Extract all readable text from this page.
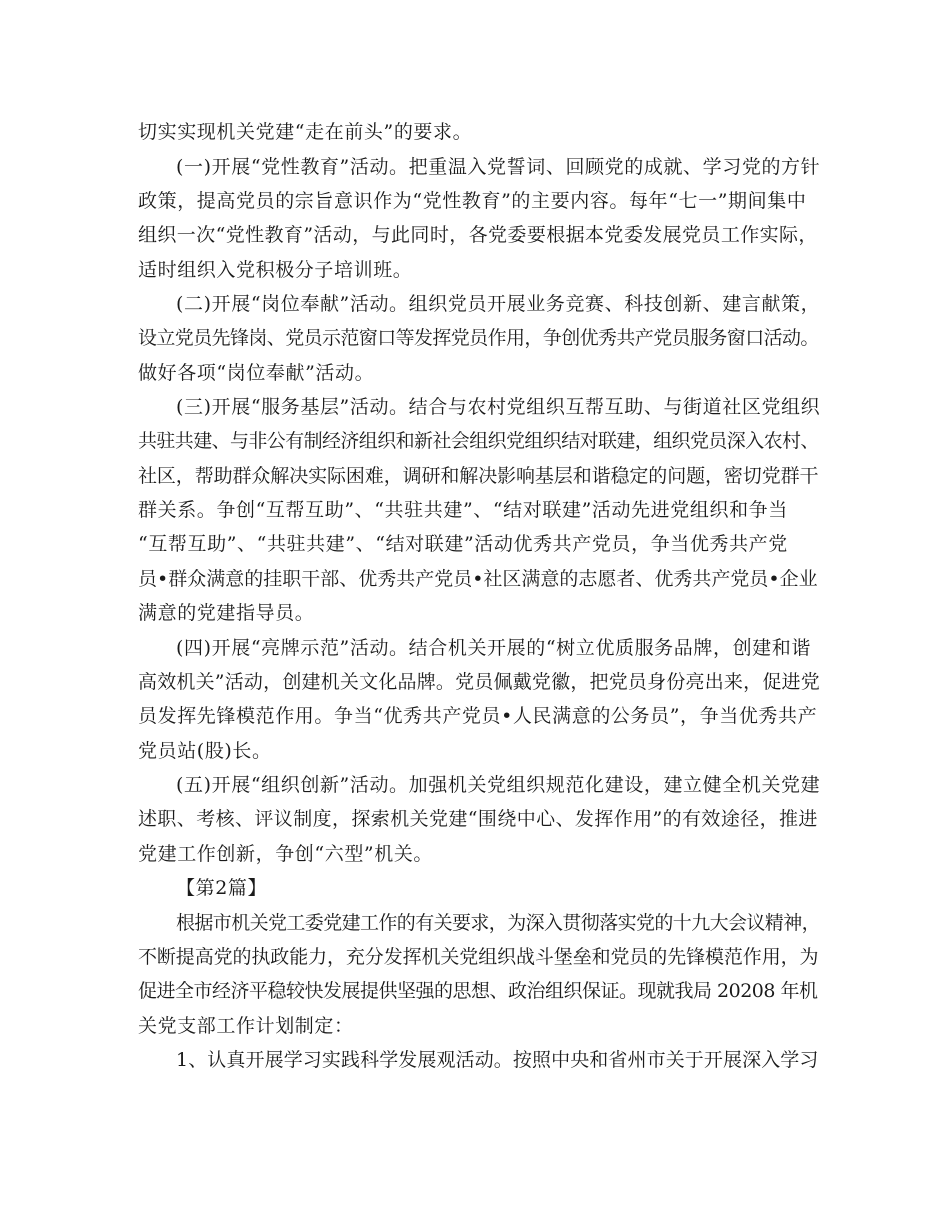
切实实现机关党建“走在前头”的要求。
(一)开展“党性教育”活动。把重温入党誓词、回顾党的成就、学习党的方针
政策，提高党员的宗旨意识作为“党性教育”的主要内容。每年“七一”期间集中
组织一次“党性教育”活动，与此同时，各党委要根据本党委发展党员工作实际，
适时组织入党积极分子培训班。
(二)开展“岗位奉献”活动。组织党员开展业务竞赛、科技创新、建言献策，
设立党员先锋岗、党员示范窗口等发挥党员作用，争创优秀共产党员服务窗口活动。
做好各项“岗位奉献”活动。
(三)开展“服务基层”活动。结合与农村党组织互帮互助、与街道社区党组织
共驻共建、与非公有制经济组织和新社会组织党组织结对联建，组织党员深入农村、
社区，帮助群众解决实际困难，调研和解决影响基层和谐稳定的问题，密切党群干
群关系。争创“互帮互助”、“共驻共建”、“结对联建”活动先进党组织和争当
“互帮互助”、“共驻共建”、“结对联建”活动优秀共产党员，争当优秀共产党
员•群众满意的挂职干部、优秀共产党员•社区满意的志愿者、优秀共产党员•企业
满意的党建指导员。
(四)开展“亮牌示范”活动。结合机关开展的“树立优质服务品牌，创建和谐
高效机关”活动，创建机关文化品牌。党员佩戴党徽，把党员身份亮出来，促进党
员发挥先锋模范作用。争当“优秀共产党员•人民满意的公务员”，争当优秀共产
党员站(股)长。
(五)开展“组织创新”活动。加强机关党组织规范化建设，建立健全机关党建
述职、考核、评议制度，探索机关党建“围绕中心、发挥作用”的有效途径，推进
党建工作创新，争创“六型”机关。
【第2篇】
根据市机关党工委党建工作的有关要求，为深入贯彻落实党的十九大会议精神，
不断提高党的执政能力，充分发挥机关党组织战斗堡垒和党员的先锋模范作用，为
促进全市经济平稳较快发展提供坚强的思想、政治组织保证。现就我局 20208 年机
关党支部工作计划制定：
1、认真开展学习实践科学发展观活动。按照中央和省州市关于开展深入学习
